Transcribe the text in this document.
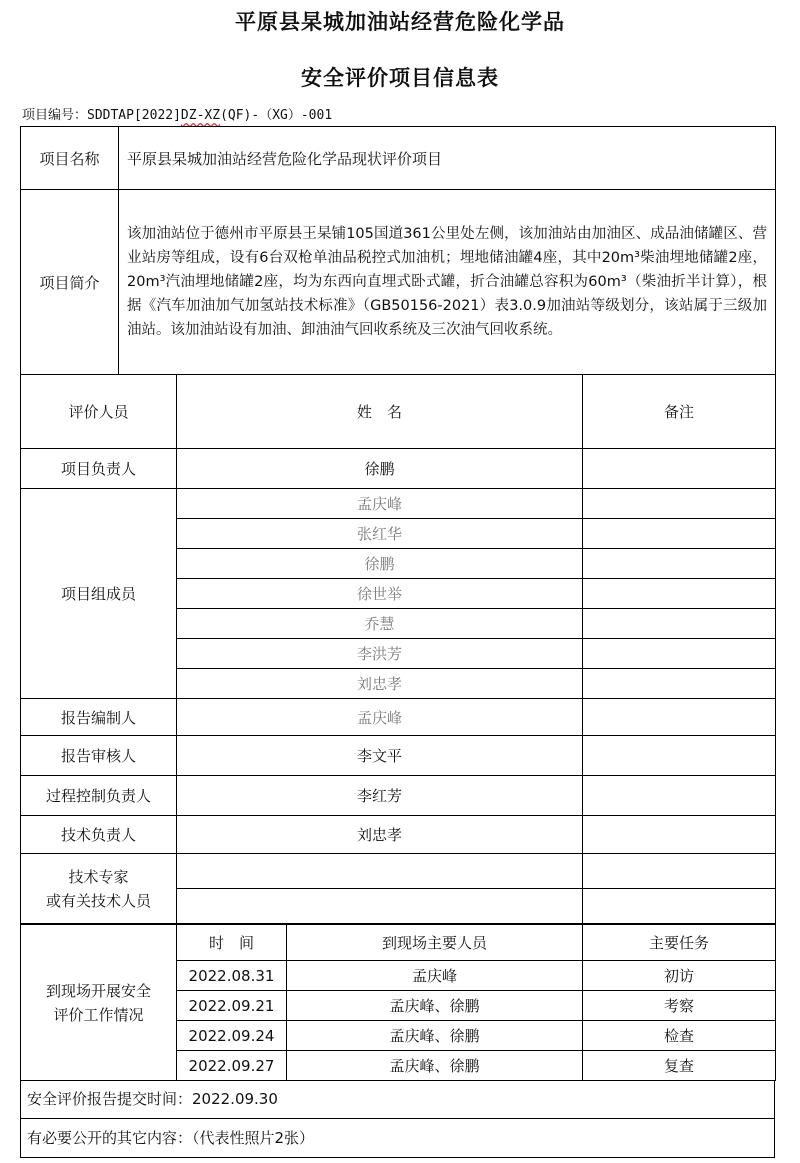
平原县杲城加油站经营危险化学品
安全评价项目信息表
项目编号：SDDTAP[2022]DZ-XZ(QF)-（XG）-001
项目名称	平原县杲城加油站经营危险化学品现状评价项目
项目简介	该加油站位于德州市平原县王杲铺105国道361公里处左侧，该加油站由加油区、成品油储罐区、营业站房等组成，设有6台双枪单油品税控式加油机；埋地储油罐4座，其中20m³柴油埋地储罐2座，20m³汽油埋地储罐2座，均为东西向直埋式卧式罐，折合油罐总容积为60m³（柴油折半计算），根据《汽车加油加气加氢站技术标准》（GB50156-2021）表3.0.9加油站等级划分，该站属于三级加油站。该加油站设有加油、卸油油气回收系统及三次油气回收系统。
评价人员	姓　名	备注
项目负责人	徐鹏	
项目组成员	孟庆峰	
	张红华	
	徐鹏	
	徐世举	
	乔慧	
	李洪芳	
	刘忠孝	
报告编制人	孟庆峰	
报告审核人	李文平	
过程控制负责人	李红芳	
技术负责人	刘忠孝	

技术专家
或有关技术人员		

到现场开展安全
评价工作情况	时　间	到现场主要人员	主要任务
	2022.08.31	孟庆峰	初访
	2022.09.21	孟庆峰、徐鹏	考察
	2022.09.24	孟庆峰、徐鹏	检查
	2022.09.27	孟庆峰、徐鹏	复查
安全评价报告提交时间：2022.09.30
有必要公开的其它内容：（代表性照片2张）
